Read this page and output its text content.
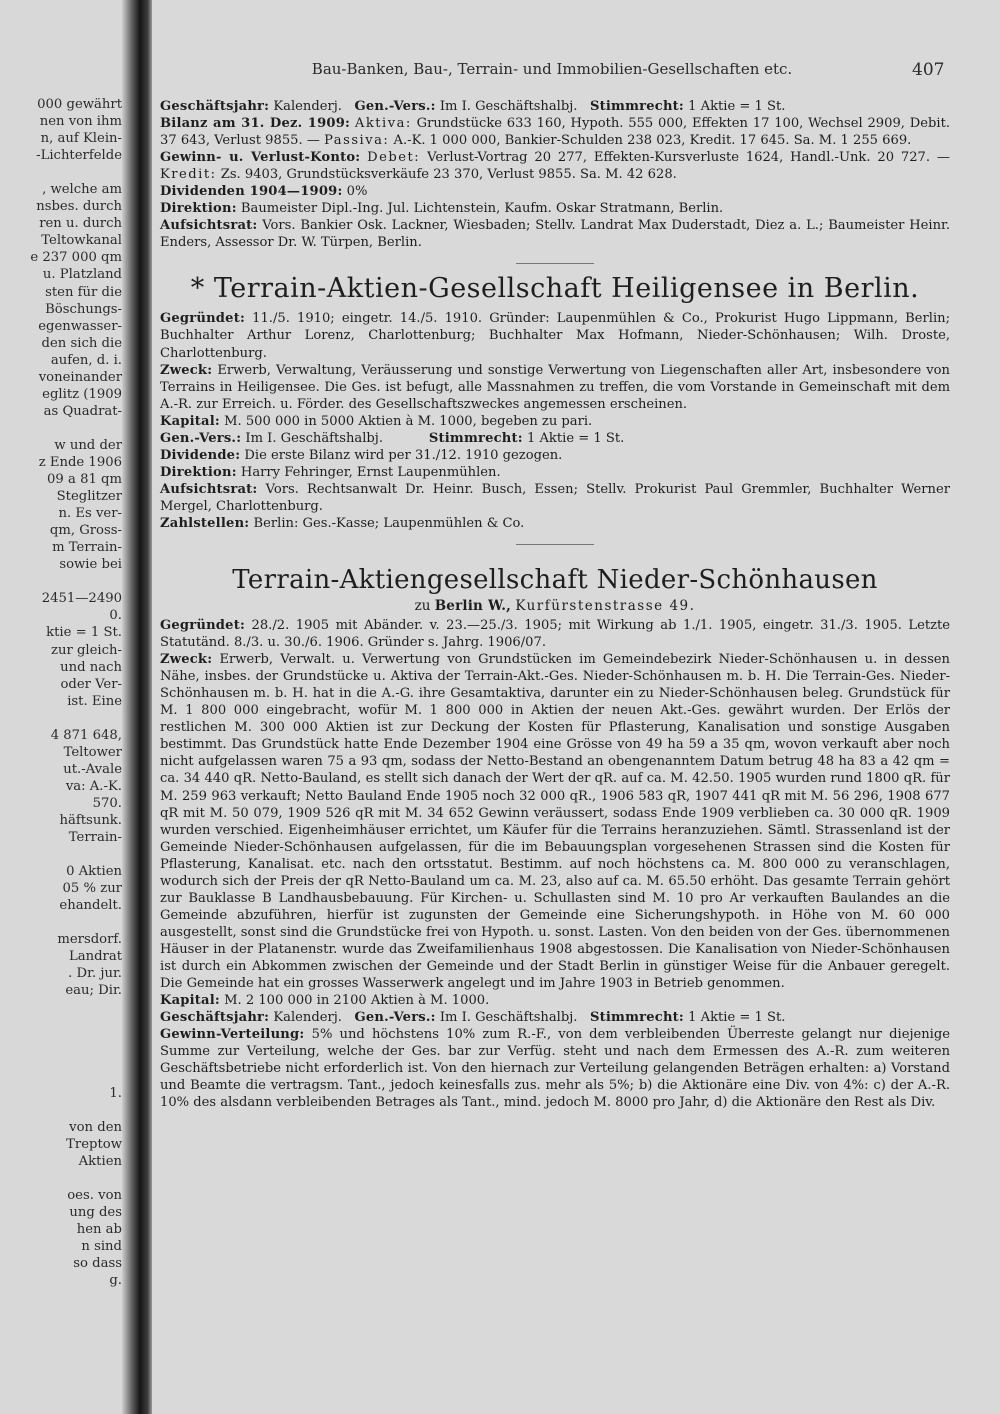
000 gewährt
nen von ihm
n, auf Klein-
-Lichterfelde
, welche am
nsbes. durch
ren u. durch
Teltowkanal
e 237 000 qm
u. Platzland
sten für die
Böschungs-
egenwasser-
den sich die
aufen, d. i.
voneinander
eglitz (1909
as Quadrat-
w und der
z Ende 1906
09 a 81 qm
Steglitzer
n. Es ver-
qm, Gross-
m Terrain-
sowie bei
2451—2490
0.
ktie = 1 St.
zur gleich-
und nach
oder Ver-
ist. Eine
4 871 648,
Teltower
ut.-Avale
va: A.-K.
570.
häftsunk.
Terrain-
0 Aktien
05 % zur
ehandelt.
mersdorf.
Landrat
. Dr. jur.
eau; Dir.
1.
von den
Treptow
Aktien
oes. von
ung des
hen ab
n sind
so dass
g.
Bau-Banken, Bau-, Terrain- und Immobilien-Gesellschaften etc.	407

Geschäftsjahr: Kalenderj. Gen.-Vers.: Im I. Geschäftshalbj. Stimmrecht: 1 Aktie = 1 St.

Bilanz am 31. Dez. 1909: Aktiva: Grundstücke 633 160, Hypoth. 555 000, Effekten 17 100, Wechsel 2909, Debit. 37 643, Verlust 9855. — Passiva: A.-K. 1 000 000, Bankier-Schulden 238 023, Kredit. 17 645. Sa. M. 1 255 669.

Gewinn- u. Verlust-Konto: Debet: Verlust-Vortrag 20 277, Effekten-Kursverluste 1624, Handl.-Unk. 20 727. — Kredit: Zs. 9403, Grundstücksverkäufe 23 370, Verlust 9855. Sa. M. 42 628.

Dividenden 1904—1909: 0%

Direktion: Baumeister Dipl.-Ing. Jul. Lichtenstein, Kaufm. Oskar Stratmann, Berlin.

Aufsichtsrat: Vors. Bankier Osk. Lackner, Wiesbaden; Stellv. Landrat Max Duderstadt, Diez a. L.; Baumeister Heinr. Enders, Assessor Dr. W. Türpen, Berlin.

* Terrain-Aktien-Gesellschaft Heiligensee in Berlin.

Gegründet: 11./5. 1910; eingetr. 14./5. 1910. Gründer: Laupenmühlen & Co., Prokurist Hugo Lippmann, Berlin; Buchhalter Arthur Lorenz, Charlottenburg; Buchhalter Max Hofmann, Nieder-Schönhausen; Wilh. Droste, Charlottenburg.

Zweck: Erwerb, Verwaltung, Veräusserung und sonstige Verwertung von Liegenschaften aller Art, insbesondere von Terrains in Heiligensee. Die Ges. ist befugt, alle Massnahmen zu treffen, die vom Vorstande in Gemeinschaft mit dem A.-R. zur Erreich. u. Förder. des Gesellschaftszweckes angemessen erscheinen.

Kapital: M. 500 000 in 5000 Aktien à M. 1000, begeben zu pari.

Gen.-Vers.: Im I. Geschäftshalbj.	Stimmrecht: 1 Aktie = 1 St.

Dividende: Die erste Bilanz wird per 31./12. 1910 gezogen.

Direktion: Harry Fehringer, Ernst Laupenmühlen.

Aufsichtsrat: Vors. Rechtsanwalt Dr. Heinr. Busch, Essen; Stellv. Prokurist Paul Gremmler, Buchhalter Werner Mergel, Charlottenburg.

Zahlstellen: Berlin: Ges.-Kasse; Laupenmühlen & Co.

Terrain-Aktiengesellschaft Nieder-Schönhausen
zu Berlin W., Kurfürstenstrasse 49.

Gegründet: 28./2. 1905 mit Abänder. v. 23.—25./3. 1905; mit Wirkung ab 1./1. 1905, eingetr. 31./3. 1905. Letzte Statutänd. 8./3. u. 30./6. 1906. Gründer s. Jahrg. 1906/07.

Zweck: Erwerb, Verwalt. u. Verwertung von Grundstücken im Gemeindebezirk Nieder-Schönhausen u. in dessen Nähe, insbes. der Grundstücke u. Aktiva der Terrain-Akt.-Ges. Nieder-Schönhausen m. b. H. Die Terrain-Ges. Nieder-Schönhausen m. b. H. hat in die A.-G. ihre Gesamtaktiva, darunter ein zu Nieder-Schönhausen beleg. Grundstück für M. 1 800 000 eingebracht, wofür M. 1 800 000 in Aktien der neuen Akt.-Ges. gewährt wurden. Der Erlös der restlichen M. 300 000 Aktien ist zur Deckung der Kosten für Pflasterung, Kanalisation und sonstige Ausgaben bestimmt. Das Grundstück hatte Ende Dezember 1904 eine Grösse von 49 ha 59 a 35 qm, wovon verkauft aber noch nicht aufgelassen waren 75 a 93 qm, sodass der Netto-Bestand an obengenanntem Datum betrug 48 ha 83 a 42 qm = ca. 34 440 qR. Netto-Bauland, es stellt sich danach der Wert der qR. auf ca. M. 42.50. 1905 wurden rund 1800 qR. für M. 259 963 verkauft; Netto Bauland Ende 1905 noch 32 000 qR., 1906 583 qR, 1907 441 qR mit M. 56 296, 1908 677 qR mit M. 50 079, 1909 526 qR mit M. 34 652 Gewinn veräussert, sodass Ende 1909 verblieben ca. 30 000 qR. 1909 wurden verschied. Eigenheimhäuser errichtet, um Käufer für die Terrains heranzuziehen. Sämtl. Strassenland ist der Gemeinde Nieder-Schönhausen aufgelassen, für die im Bebauungsplan vorgesehenen Strassen sind die Kosten für Pflasterung, Kanalisat. etc. nach den ortsstatut. Bestimm. auf noch höchstens ca. M. 800 000 zu veranschlagen, wodurch sich der Preis der qR Netto-Bauland um ca. M. 23, also auf ca. M. 65.50 erhöht. Das gesamte Terrain gehört zur Bauklasse B Landhausbebauung. Für Kirchen- u. Schullasten sind M. 10 pro Ar verkauften Baulandes an die Gemeinde abzuführen, hierfür ist zugunsten der Gemeinde eine Sicherungshypoth. in Höhe von M. 60 000 ausgestellt, sonst sind die Grundstücke frei von Hypoth. u. sonst. Lasten. Von den beiden von der Ges. übernommenen Häuser in der Platanenstr. wurde das Zweifamilienhaus 1908 abgestossen. Die Kanalisation von Nieder-Schönhausen ist durch ein Abkommen zwischen der Gemeinde und der Stadt Berlin in günstiger Weise für die Anbauer geregelt. Die Gemeinde hat ein grosses Wasserwerk angelegt und im Jahre 1903 in Betrieb genommen.

Kapital: M. 2 100 000 in 2100 Aktien à M. 1000.

Geschäftsjahr: Kalenderj. Gen.-Vers.: Im I. Geschäftshalbj. Stimmrecht: 1 Aktie = 1 St.

Gewinn-Verteilung: 5% und höchstens 10% zum R.-F., von dem verbleibenden Überreste gelangt nur diejenige Summe zur Verteilung, welche der Ges. bar zur Verfüg. steht und nach dem Ermessen des A.-R. zum weiteren Geschäftsbetriebe nicht erforderlich ist. Von den hiernach zur Verteilung gelangenden Beträgen erhalten: a) Vorstand und Beamte die vertragsm. Tant., jedoch keinesfalls zus. mehr als 5%; b) die Aktionäre eine Div. von 4%: c) der A.-R. 10% des alsdann verbleibenden Betrages als Tant., mind. jedoch M. 8000 pro Jahr, d) die Aktionäre den Rest als Div.
